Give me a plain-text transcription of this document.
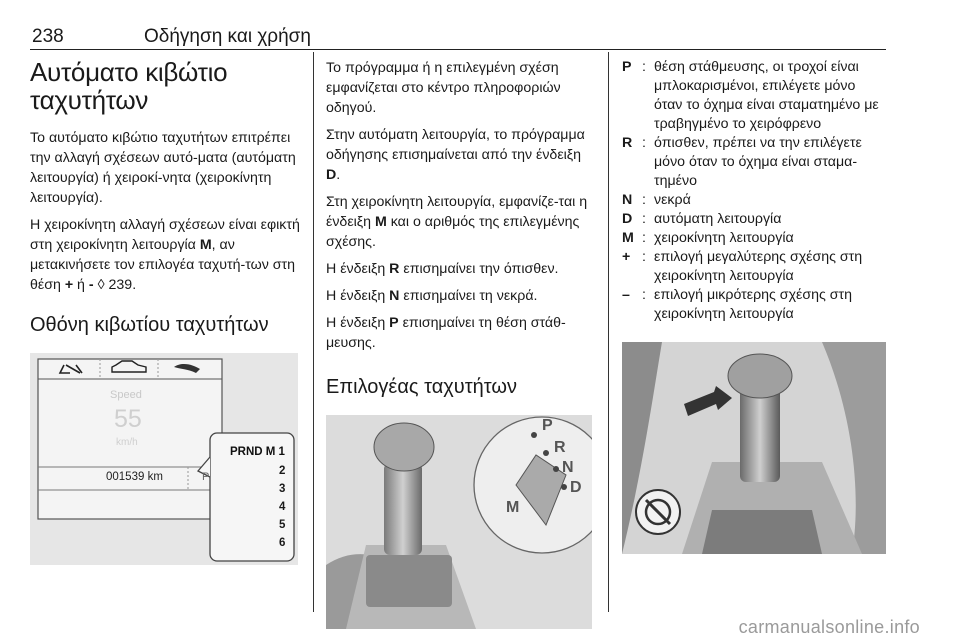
238	Οδήγηση και χρήση
Αυτόματο κιβώτιο
ταχυτήτων

Το αυτόματο κιβώτιο ταχυτήτων επιτρέπει την αλλαγή σχέσεων αυτό-ματα (αυτόματη λειτουργία) ή χειροκί-νητα (χειροκίνητη λειτουργία).

Η χειροκίνητη αλλαγή σχέσεων είναι εφικτή στη χειροκίνητη λειτουργία M, αν μετακινήσετε τον επιλογέα ταχυτή-των στη θέση + ή - ◊ 239.

Οθόνη κιβωτίου ταχυτήτων
Speed
55
km/h
001539 km	P
PRND M 1
2
3
4
5
6

Το πρόγραμμα ή η επιλεγμένη σχέση εμφανίζεται στο κέντρο πληροφοριών οδηγού.

Στην αυτόματη λειτουργία, το πρόγραμμα οδήγησης επισημαίνεται από την ένδειξη D.

Στη χειροκίνητη λειτουργία, εμφανίζε-ται η ένδειξη M και ο αριθμός της επιλεγμένης σχέσης.

Η ένδειξη R επισημαίνει την όπισθεν.

Η ένδειξη N επισημαίνει τη νεκρά.

Η ένδειξη P επισημαίνει τη θέση στάθ-μευσης.

Επιλογέας ταχυτήτων
P
R
N
D
M
P : θέση στάθμευσης, οι τροχοί είναι μπλοκαρισμένοι, επιλέγετε μόνο όταν το όχημα είναι σταματημένο με τραβηγμένο το χειρόφρενο
R : όπισθεν, πρέπει να την επιλέγετε μόνο όταν το όχημα είναι σταμα-τημένο
N : νεκρά
D : αυτόματη λειτουργία
M : χειροκίνητη λειτουργία
+ : επιλογή μεγαλύτερης σχέσης στη χειροκίνητη λειτουργία
– : επιλογή μικρότερης σχέσης στη χειροκίνητη λειτουργία
carmanualsonline.info
